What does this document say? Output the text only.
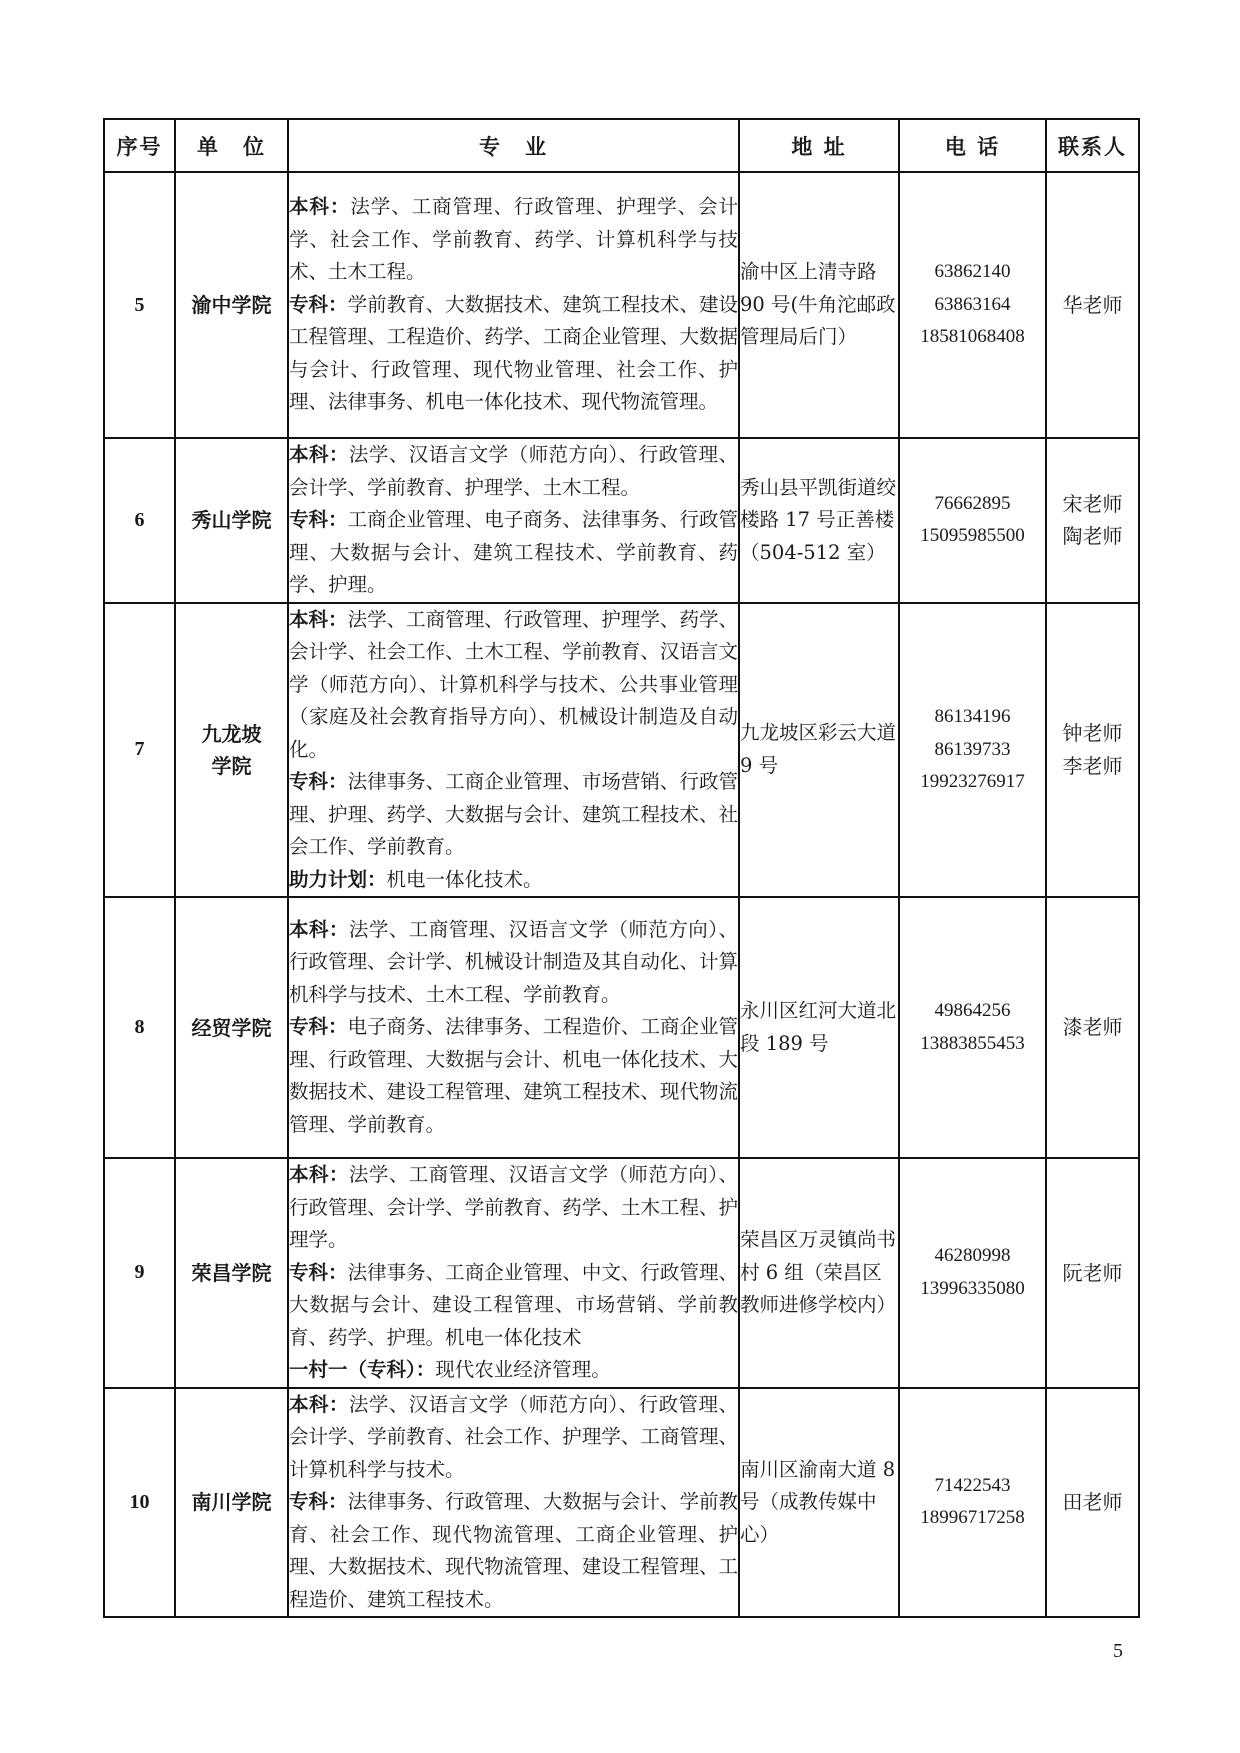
序号	单　位	专　业	地 址	电 话	联系人
5	渝中学院	本科：法学、工商管理、行政管理、护理学、会计学、社会工作、学前教育、药学、计算机科学与技术、土木工程。
专科：学前教育、大数据技术、建筑工程技术、建设工程管理、工程造价、药学、工商企业管理、大数据与会计、行政管理、现代物业管理、社会工作、护理、法律事务、机电一体化技术、现代物流管理。	渝中区上清寺路 90 号(牛角沱邮政管理局后门）	63862140
63863164
18581068408	华老师

6	秀山学院	本科：法学、汉语言文学（师范方向）、行政管理、会计学、学前教育、护理学、土木工程。
专科：工商企业管理、电子商务、法律事务、行政管理、大数据与会计、建筑工程技术、学前教育、药学、护理。	秀山县平凯街道绞楼路 17 号正善楼（504-512 室）	76662895
15095985500	宋老师
陶老师

7	九龙坡
学院	本科：法学、工商管理、行政管理、护理学、药学、会计学、社会工作、土木工程、学前教育、汉语言文学（师范方向）、计算机科学与技术、公共事业管理（家庭及社会教育指导方向）、机械设计制造及自动化。
专科：法律事务、工商企业管理、市场营销、行政管理、护理、药学、大数据与会计、建筑工程技术、社会工作、学前教育。
助力计划：机电一体化技术。	九龙坡区彩云大道 9 号	86134196
86139733
19923276917	钟老师
李老师

8	经贸学院	本科：法学、工商管理、汉语言文学（师范方向）、行政管理、会计学、机械设计制造及其自动化、计算机科学与技术、土木工程、学前教育。
专科：电子商务、法律事务、工程造价、工商企业管理、行政管理、大数据与会计、机电一体化技术、大数据技术、建设工程管理、建筑工程技术、现代物流管理、学前教育。	永川区红河大道北段 189 号	49864256
13883855453	漆老师

9	荣昌学院	本科：法学、工商管理、汉语言文学（师范方向）、行政管理、会计学、学前教育、药学、土木工程、护理学。
专科：法律事务、工商企业管理、中文、行政管理、大数据与会计、建设工程管理、市场营销、学前教育、药学、护理。机电一体化技术
一村一（专科）：现代农业经济管理。	荣昌区万灵镇尚书村 6 组（荣昌区教师进修学校内）	46280998
13996335080	阮老师

10	南川学院	本科：法学、汉语言文学（师范方向）、行政管理、会计学、学前教育、社会工作、护理学、工商管理、计算机科学与技术。
专科：法律事务、行政管理、大数据与会计、学前教育、社会工作、现代物流管理、工商企业管理、护理、大数据技术、现代物流管理、建设工程管理、工程造价、建筑工程技术。	南川区渝南大道 8 号（成教传媒中心）	71422543
18996717258	田老师
5
